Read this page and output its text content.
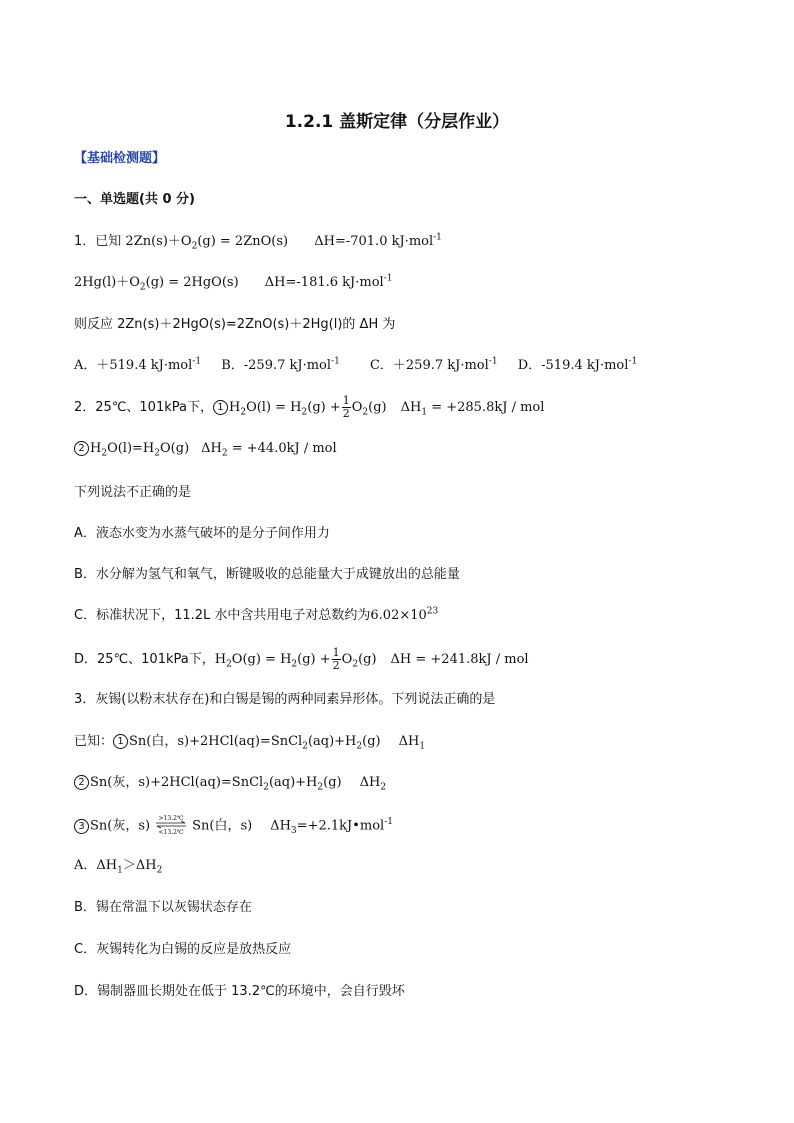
1.2.1 盖斯定律（分层作业）
【基础检测题】
一、单选题(共 0 分)
1．已知 $2Zn(s)+O_2(g) = 2ZnO(s)$ ΔH=-701.0 kJ·mol$^{-1}$
$2Hg(l)+O_2(g) = 2HgO(s)$ ΔH=-181.6 kJ·mol$^{-1}$
则反应 2Zn(s)＋2HgO(s)=2ZnO(s)＋2Hg(l)的 ΔH 为
A．＋519.4 kJ·mol$^{-1}$ B．-259.7 kJ·mol$^{-1}$ C．＋259.7 kJ·mol$^{-1}$ D．-519.4 kJ·mol$^{-1}$
2．25℃、101kPa下， 1 $H_2O(l) = H_2(g) + \frac{1}{2} O_2(g) \Delta H_1 = +285.8kJ$ / mol
2 $H_2O(l)=H_2O(g) \Delta H_2 = +44.0kJ$ / mol
下列说法不正确的是
A．液态水变为水蒸气破坏的是分子间作用力
B．水分解为氢气和氧气，断键吸收的总能量大于成键放出的总能量
C．标准状况下，11.2L 水中含共用电子对总数约为$6.02\times 10^{23}$
D．25℃、101kPa下，$H_2O(g) = H_2(g) + \frac{1}{2} O_2(g) \Delta H = +241.8kJ$ / mol
3．灰锡(以粉末状存在)和白锡是锡的两种同素异形体。下列说法正确的是
已知： 1 Sn(白，$s)+2HCl(aq)=SnCl_2(aq)+H_2(g)$ $\Delta H_1$
2 Sn(灰，$s)+2HCl(aq)=SnCl_2(aq)+H_2(g)$ $\Delta H_2$
3 Sn(灰，s)	>13.2℃
<13.2℃ Sn(白，s) $\Delta H_3=+2.1kJ•mol^{-1}$
A．$\Delta H_1>\Delta H_2$
B．锡在常温下以灰锡状态存在
C．灰锡转化为白锡的反应是放热反应
D．锡制器皿长期处在低于 13.2℃的环境中，会自行毁坏
